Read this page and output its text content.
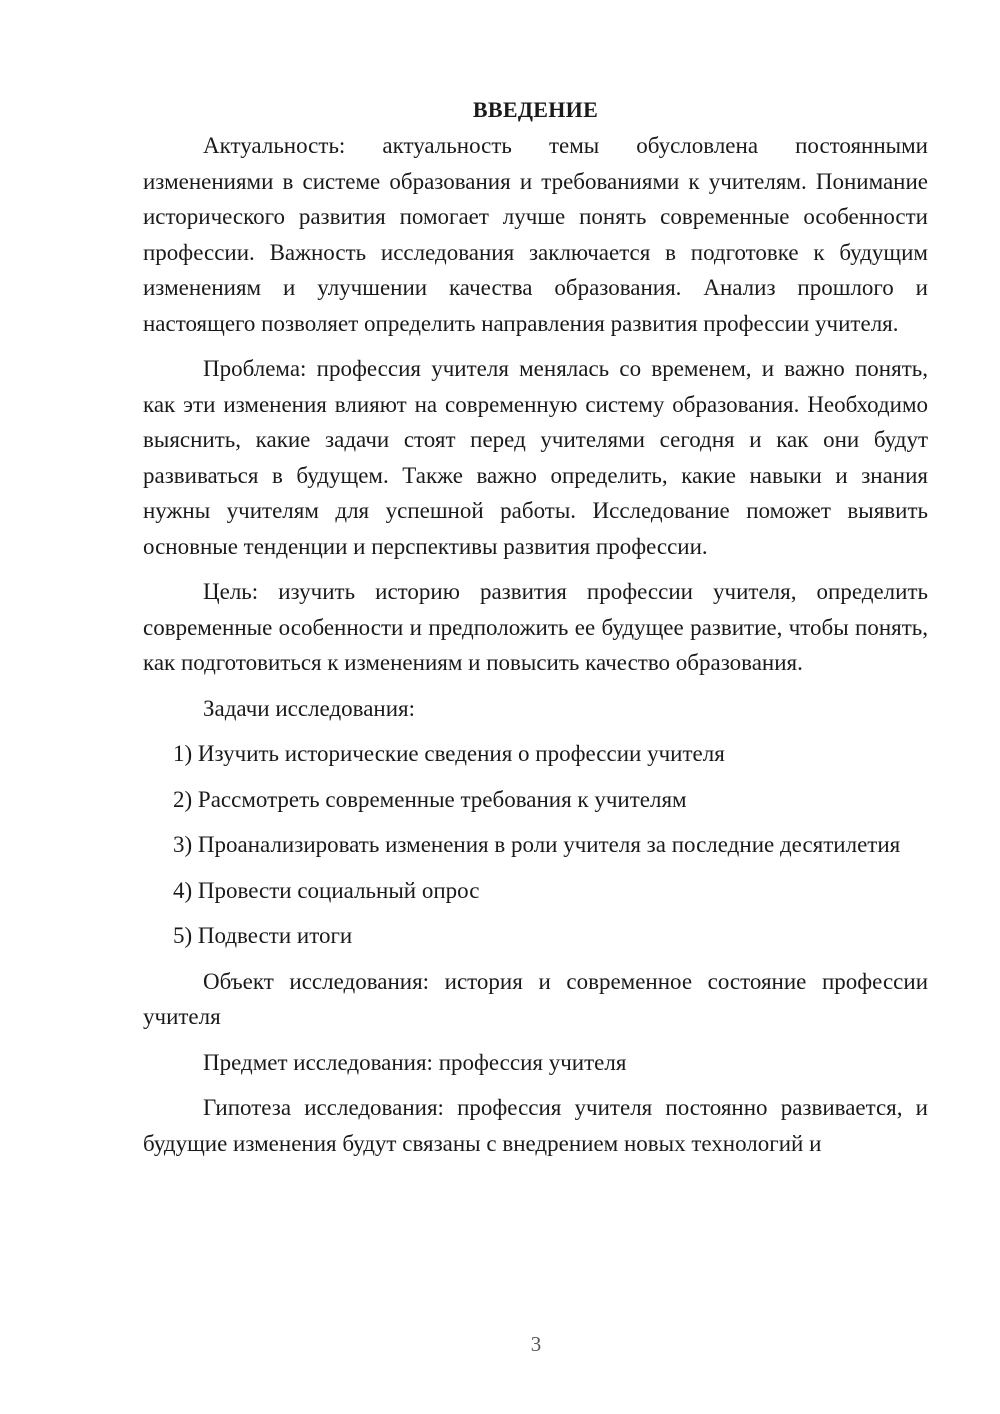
ВВЕДЕНИЕ

Актуальность: актуальность темы обусловлена постоянными изменениями в системе образования и требованиями к учителям. Понимание исторического развития помогает лучше понять современные особенности профессии. Важность исследования заключается в подготовке к будущим изменениям и улучшении качества образования. Анализ прошлого и настоящего позволяет определить направления развития профессии учителя.

Проблема: профессия учителя менялась со временем, и важно понять, как эти изменения влияют на современную систему образования. Необходимо выяснить, какие задачи стоят перед учителями сегодня и как они будут развиваться в будущем. Также важно определить, какие навыки и знания нужны учителям для успешной работы. Исследование поможет выявить основные тенденции и перспективы развития профессии.

Цель: изучить историю развития профессии учителя, определить современные особенности и предположить ее будущее развитие, чтобы понять, как подготовиться к изменениям и повысить качество образования.

Задачи исследования:

1) Изучить исторические сведения о профессии учителя

2) Рассмотреть современные требования к учителям

3) Проанализировать изменения в роли учителя за последние десятилетия

4) Провести социальный опрос

5) Подвести итоги

Объект исследования: история и современное состояние профессии учителя

Предмет исследования: профессия учителя

Гипотеза исследования: профессия учителя постоянно развивается, и будущие изменения будут связаны с внедрением новых технологий и

3
